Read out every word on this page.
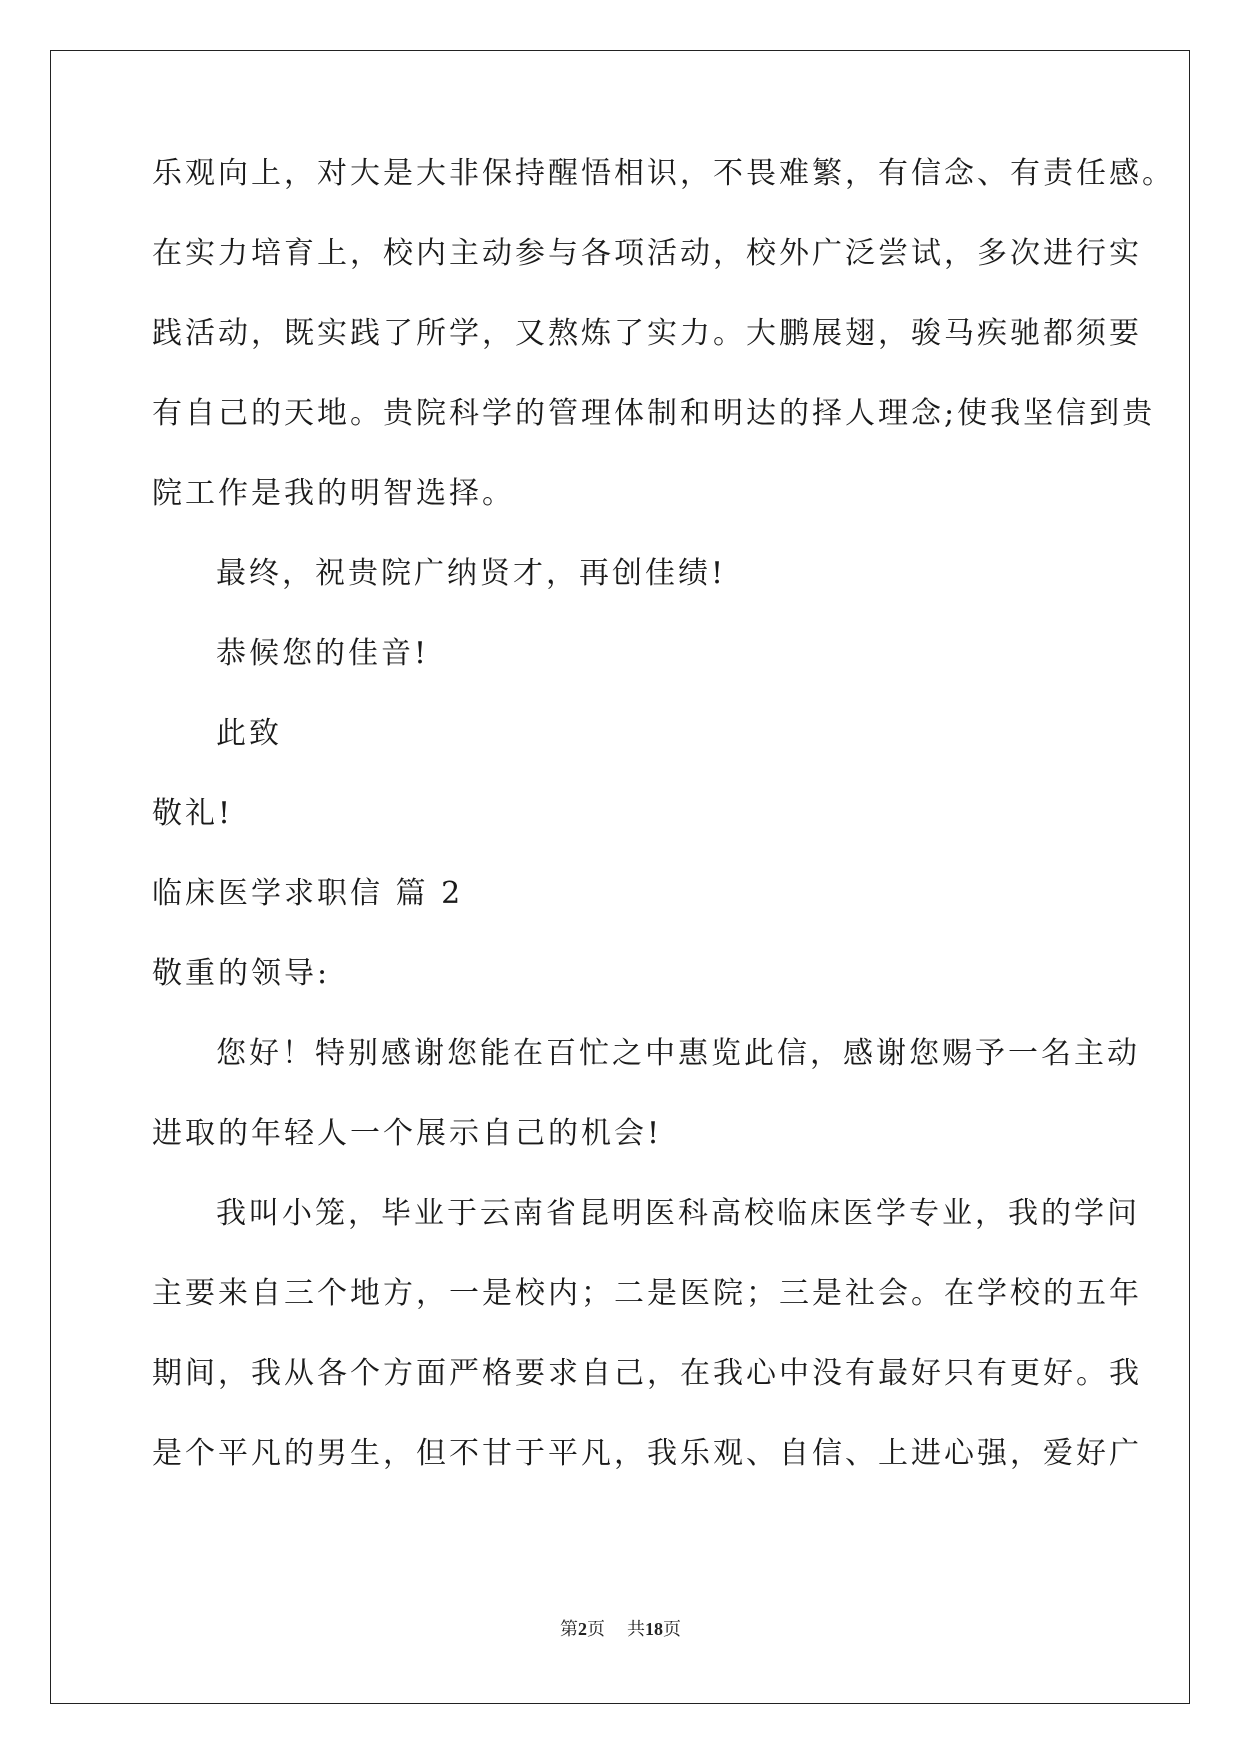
乐观向上，对大是大非保持醒悟相识，不畏难繁，有信念、有责任感。
在实力培育上，校内主动参与各项活动，校外广泛尝试，多次进行实
践活动，既实践了所学，又熬炼了实力。大鹏展翅，骏马疾驰都须要
有自己的天地。贵院科学的管理体制和明达的择人理念;使我坚信到贵
院工作是我的明智选择。
最终，祝贵院广纳贤才，再创佳绩!
恭候您的佳音!
此致
敬礼!
临床医学求职信 篇 2
敬重的领导:
您好！特别感谢您能在百忙之中惠览此信，感谢您赐予一名主动
进取的年轻人一个展示自己的机会!
我叫小笼，毕业于云南省昆明医科高校临床医学专业，我的学问
主要来自三个地方，一是校内；二是医院；三是社会。在学校的五年
期间，我从各个方面严格要求自己，在我心中没有最好只有更好。我
是个平凡的男生，但不甘于平凡，我乐观、自信、上进心强，爱好广
第2页 共18页
